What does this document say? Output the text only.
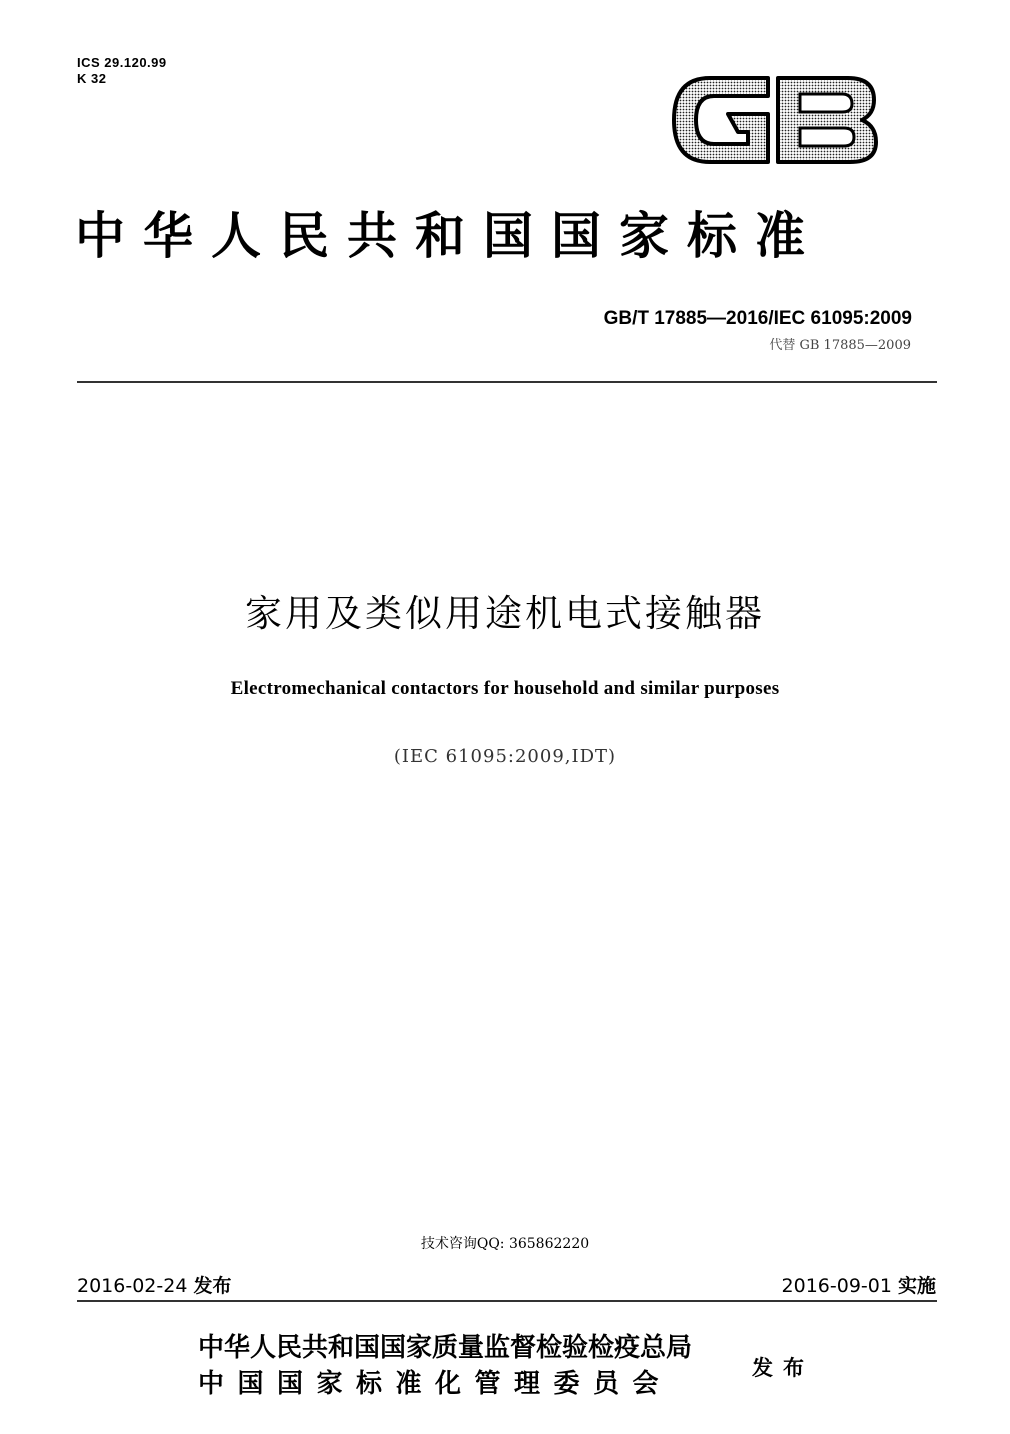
ICS 29.120.99
K 32
中华人民共和国国家标准
GB/T 17885—2016/IEC 61095:2009
代替 GB 17885—2009
家用及类似用途机电式接触器
Electromechanical contactors for household and similar purposes
(IEC 61095:2009,IDT)
技术咨询QQ: 365862220
2016-02-24 发布	2016-09-01 实施
中华人民共和国国家质量监督检验检疫总局
中国国家标准化管理委员会
发布
